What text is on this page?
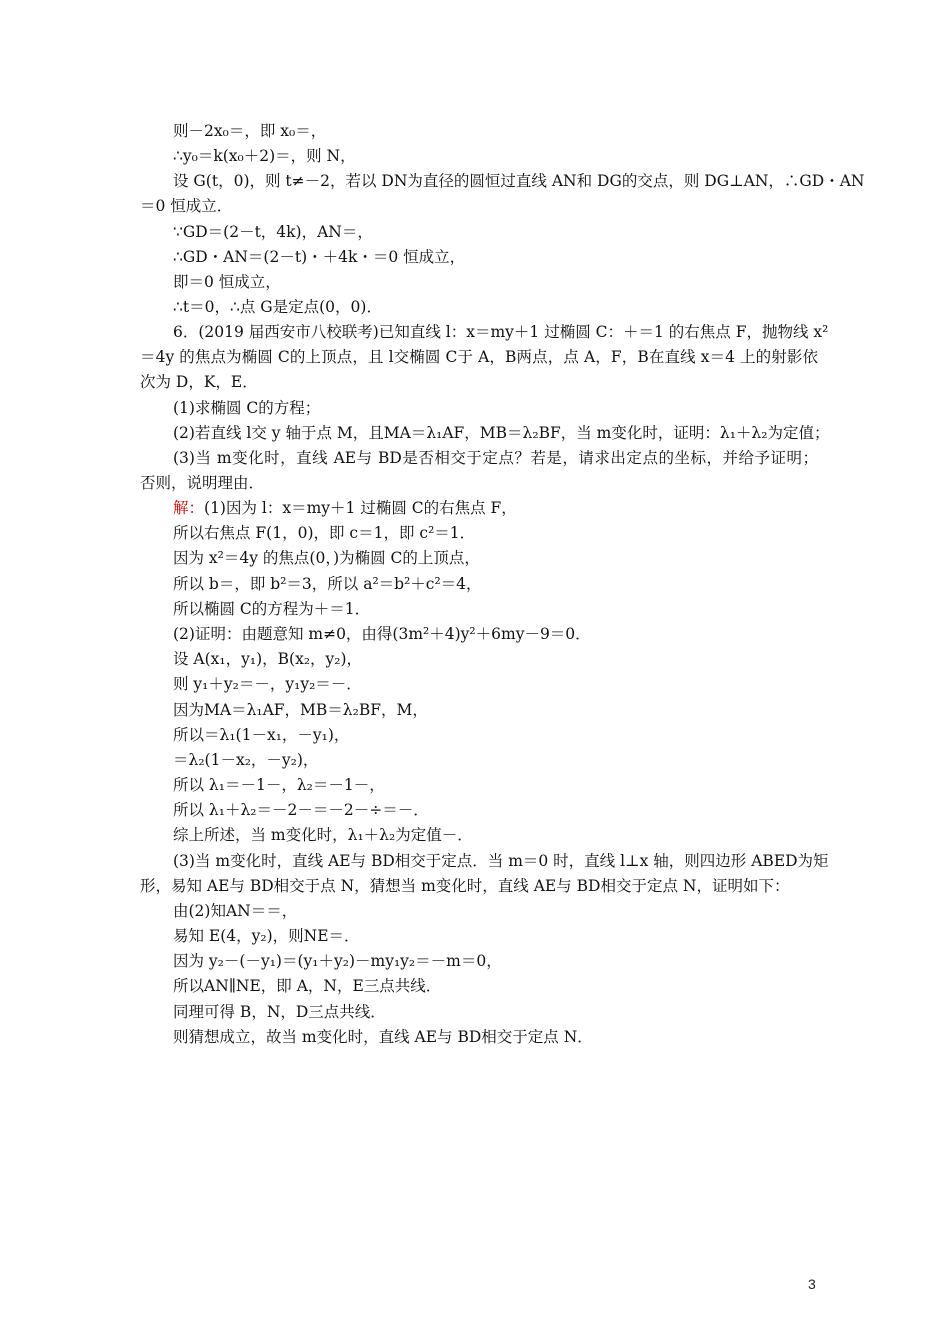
则－2x₀＝，即 x₀＝，
∴y₀＝k(x₀＋2)＝，则 N，
设 G(t，0)，则 t≠－2，若以 DN为直径的圆恒过直线 AN和 DG的交点，则 DG⊥AN，∴GD・AN
＝0 恒成立．
∵GD＝(2－t，4k)，AN＝，
∴GD・AN＝(2－t)・＋4k・＝0 恒成立，
即＝0 恒成立，
∴t＝0，∴点 G是定点(0，0)．
6．(2019 届西安市八校联考)已知直线 l：x＝my＋1 过椭圆 C：＋＝1 的右焦点 F，抛物线 x²
＝4y 的焦点为椭圆 C的上顶点，且 l交椭圆 C于 A，B两点，点 A，F，B在直线 x＝4 上的射影依
次为 D，K，E．
(1)求椭圆 C的方程；
(2)若直线 l交 y 轴于点 M，且MA＝λ₁AF，MB＝λ₂BF，当 m变化时，证明：λ₁＋λ₂为定值；
(3)当 m变化时，直线 AE与 BD是否相交于定点？若是，请求出定点的坐标，并给予证明；
否则，说明理由．
解：(1)因为 l：x＝my＋1 过椭圆 C的右焦点 F，
所以右焦点 F(1，0)，即 c＝1，即 c²＝1．
因为 x²＝4y 的焦点(0，)为椭圆 C的上顶点，
所以 b＝，即 b²＝3，所以 a²＝b²＋c²＝4，
所以椭圆 C的方程为＋＝1．
(2)证明：由题意知 m≠0，由得(3m²＋4)y²＋6my－9＝0．
设 A(x₁，y₁)，B(x₂，y₂)，
则 y₁＋y₂＝－，y₁y₂＝－．
因为MA＝λ₁AF，MB＝λ₂BF，M，
所以＝λ₁(1－x₁，－y₁)，
＝λ₂(1－x₂，－y₂)，
所以 λ₁＝－1－，λ₂＝－1－，
所以 λ₁＋λ₂＝－2－＝－2－÷＝－．
综上所述，当 m变化时，λ₁＋λ₂为定值－．
(3)当 m变化时，直线 AE与 BD相交于定点．当 m＝0 时，直线 l⊥x 轴，则四边形 ABED为矩
形，易知 AE与 BD相交于点 N，猜想当 m变化时，直线 AE与 BD相交于定点 N，证明如下：
由(2)知AN＝＝，
易知 E(4，y₂)，则NE＝．
因为 y₂－(－y₁)＝(y₁＋y₂)－my₁y₂＝－m＝0，
所以AN∥NE，即 A，N，E三点共线．
同理可得 B，N，D三点共线．
则猜想成立，故当 m变化时，直线 AE与 BD相交于定点 N．
3
